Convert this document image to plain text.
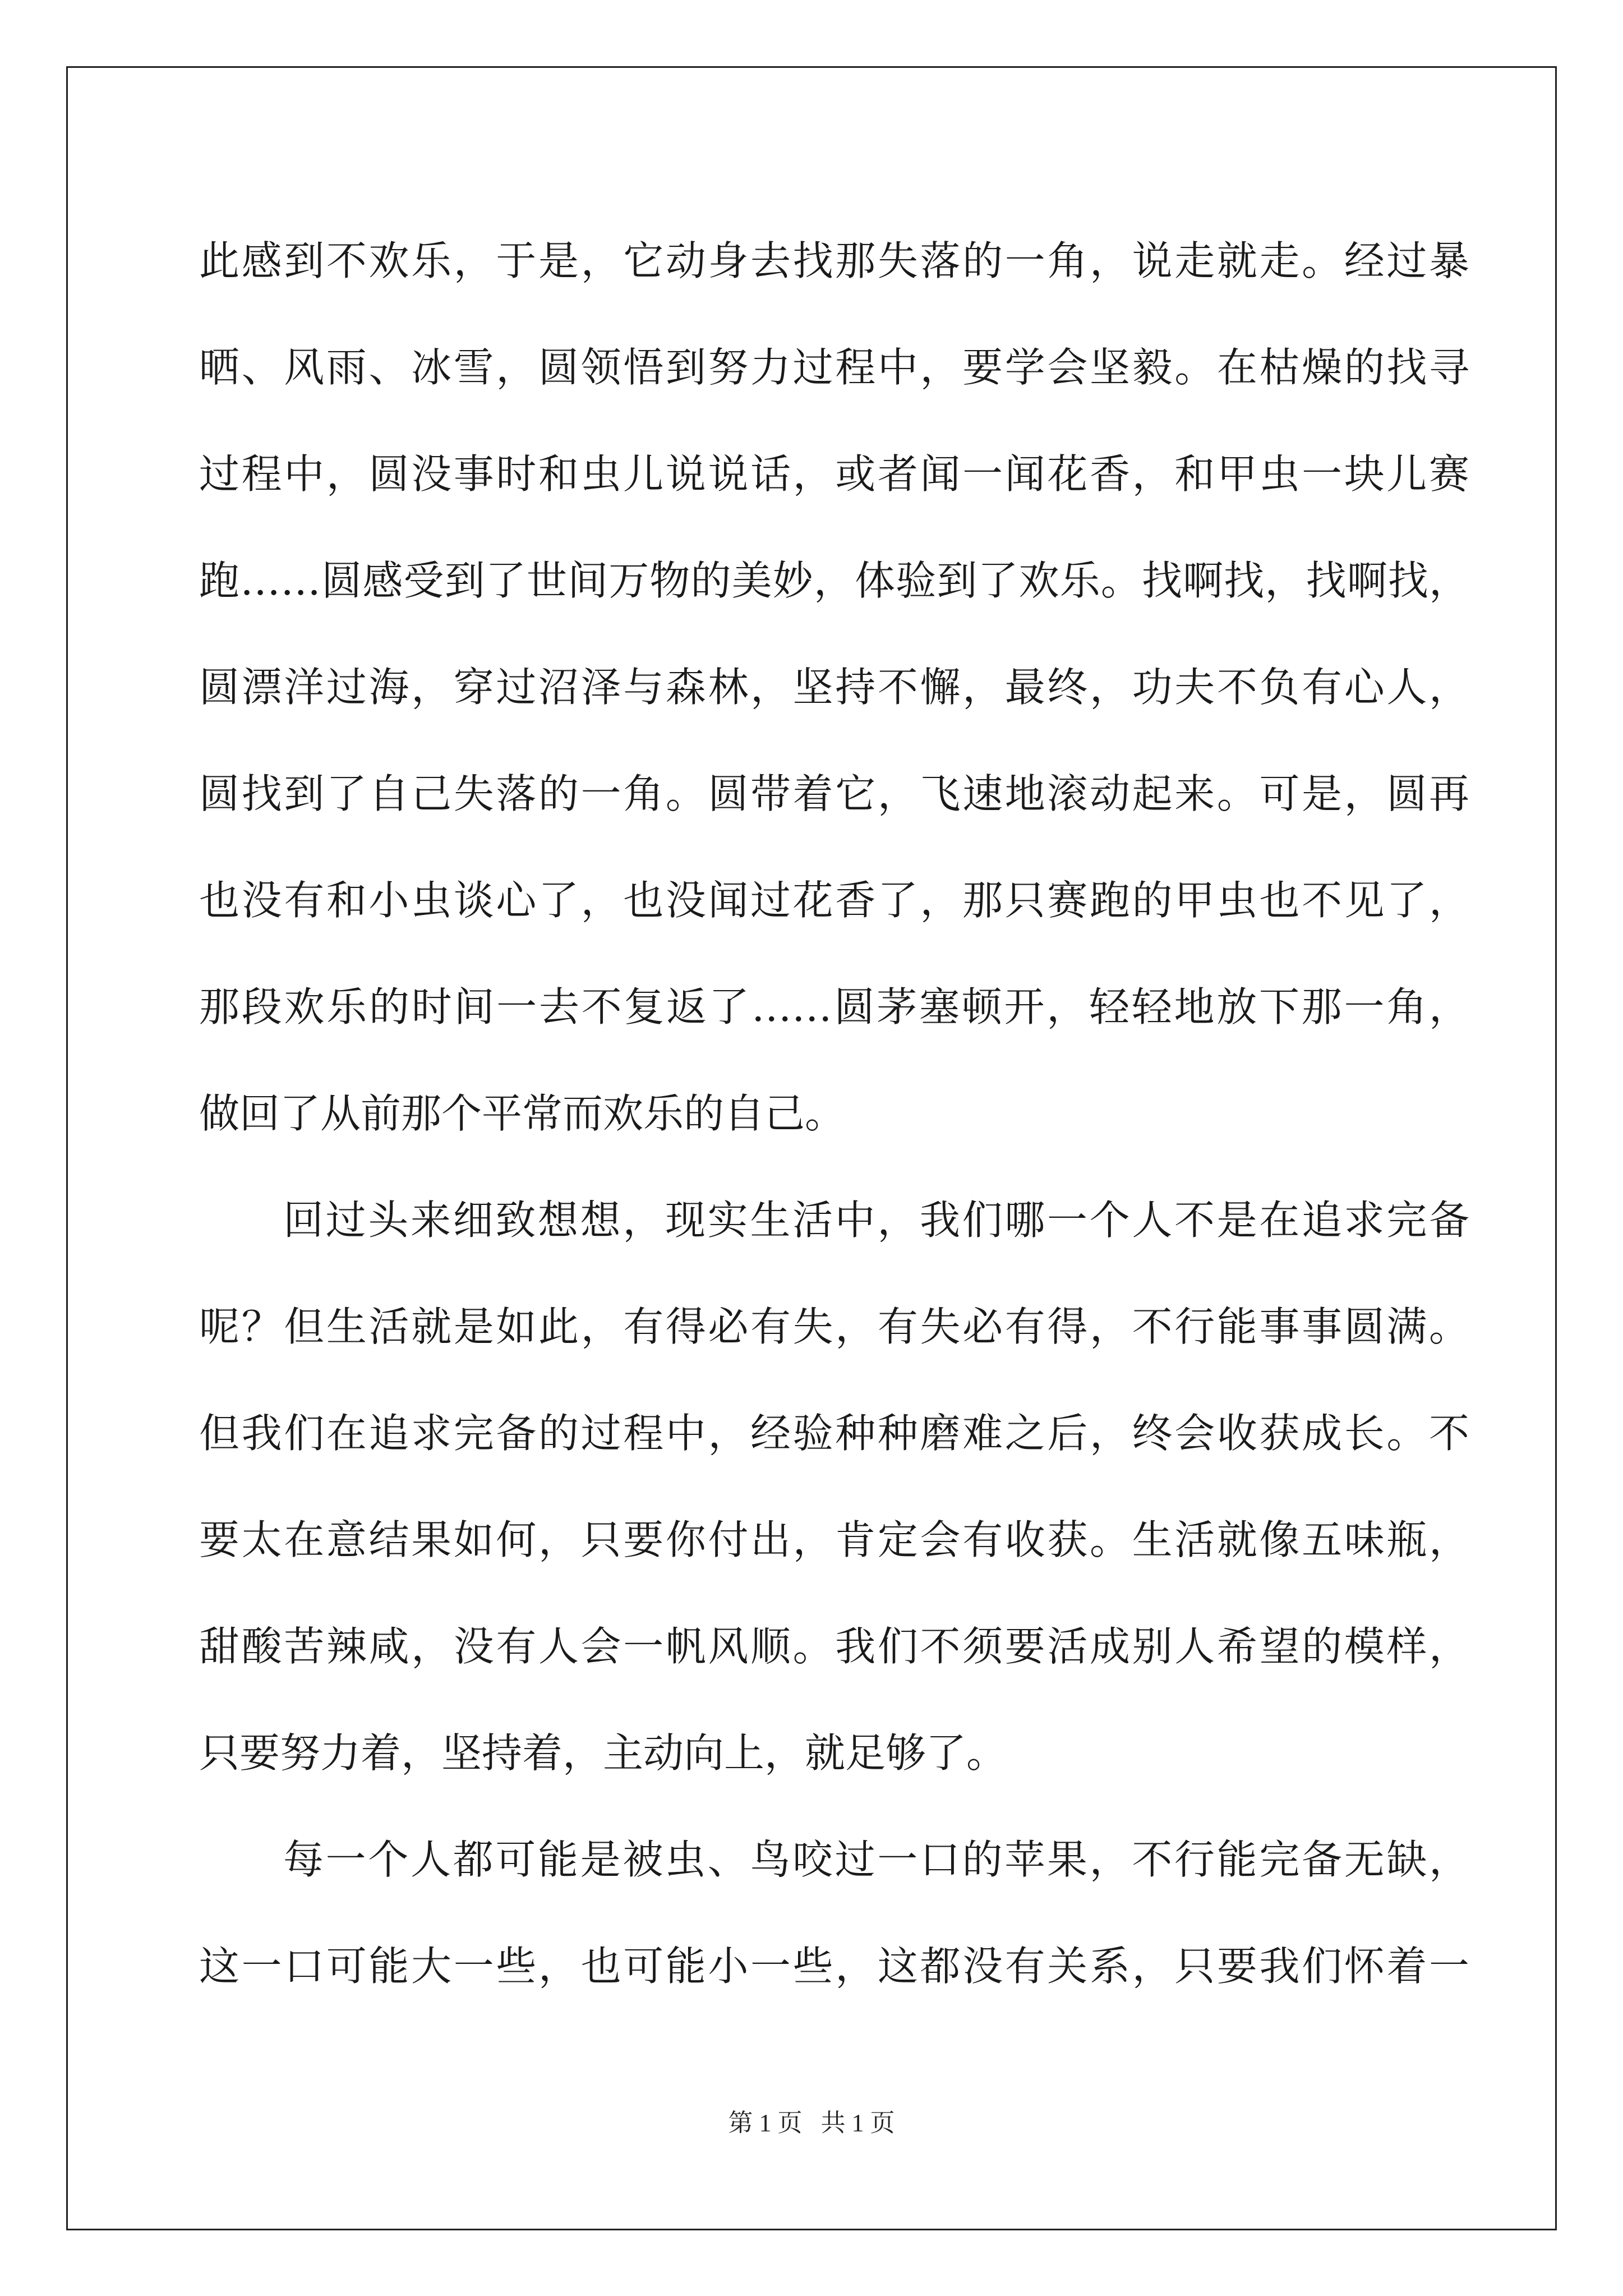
此感到不欢乐，于是，它动身去找那失落的一角，说走就走。经过暴
晒、风雨、冰雪，圆领悟到努力过程中，要学会坚毅。在枯燥的找寻
过程中，圆没事时和虫儿说说话，或者闻一闻花香，和甲虫一块儿赛
跑……圆感受到了世间万物的美妙，体验到了欢乐。找啊找，找啊找，
圆漂洋过海，穿过沼泽与森林，坚持不懈，最终，功夫不负有心人，
圆找到了自己失落的一角。圆带着它，飞速地滚动起来。可是，圆再
也没有和小虫谈心了，也没闻过花香了，那只赛跑的甲虫也不见了，
那段欢乐的时间一去不复返了……圆茅塞顿开，轻轻地放下那一角，
做回了从前那个平常而欢乐的自己。
回过头来细致想想，现实生活中，我们哪一个人不是在追求完备
呢？但生活就是如此，有得必有失，有失必有得，不行能事事圆满。
但我们在追求完备的过程中，经验种种磨难之后，终会收获成长。不
要太在意结果如何，只要你付出，肯定会有收获。生活就像五味瓶，
甜酸苦辣咸，没有人会一帆风顺。我们不须要活成别人希望的模样，
只要努力着，坚持着，主动向上，就足够了。
每一个人都可能是被虫、鸟咬过一口的苹果，不行能完备无缺，
这一口可能大一些，也可能小一些，这都没有关系，只要我们怀着一
第 1 页   共 1 页
